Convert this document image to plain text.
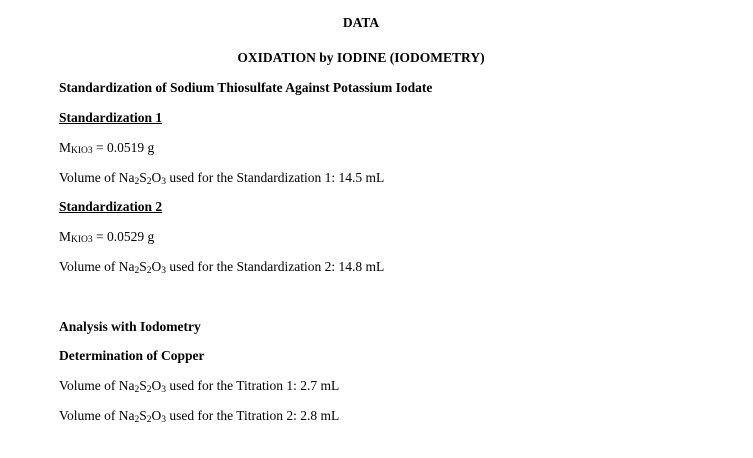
DATA
OXIDATION by IODINE (IODOMETRY)
Standardization of Sodium Thiosulfate Against Potassium Iodate
Standardization 1
MKIO3 = 0.0519 g
Volume of $Na_2S_2O_3$ used for the Standardization 1: 14.5 mL
Standardization 2
MKIO3 = 0.0529 g
Volume of $Na_2S_2O_3$ used for the Standardization 2: 14.8 mL
Analysis with Iodometry
Determination of Copper
Volume of $Na_2S_2O_3$ used for the Titration 1: 2.7 mL
Volume of $Na_2S_2O_3$ used for the Titration 2: 2.8 mL
